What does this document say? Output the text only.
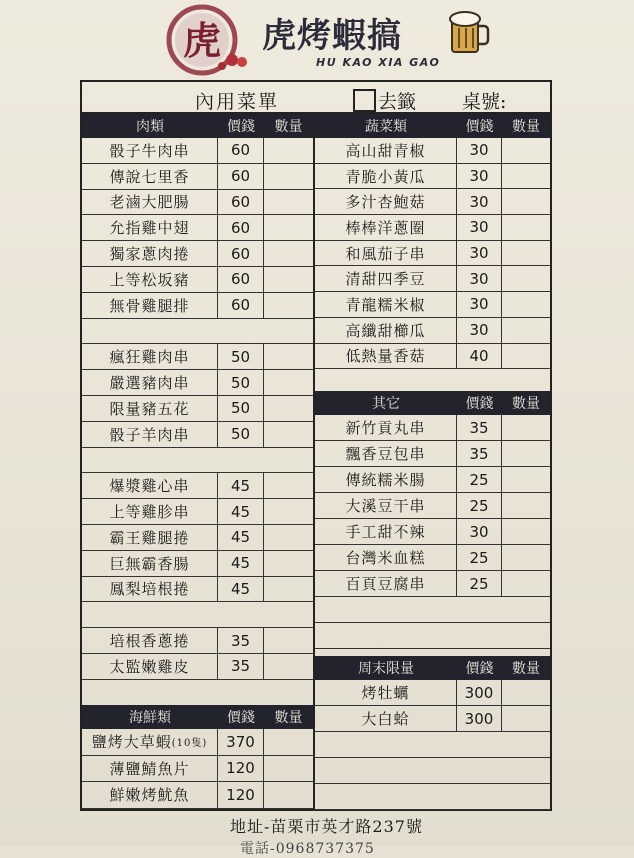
虎 虎烤蝦搞
HU KAO XIA GAO
內用菜單	去籤 桌號:
肉類	價錢	數量
骰子牛肉串	60
傳說七里香	60
老滷大肥腸	60
允指雞中翅	60
獨家蔥肉捲	60
上等松坂豬	60
無骨雞腿排	60
瘋狂雞肉串	50
嚴選豬肉串	50
限量豬五花	50
骰子羊肉串	50
爆漿雞心串	45
上等雞胗串	45
霸王雞腿捲	45
巨無霸香腸	45
鳳梨培根捲	45
培根香蔥捲	35
太監嫩雞皮	35
海鮮類	價錢	數量
鹽烤大草蝦 (10隻)	370
薄鹽鯖魚片	120
鮮嫩烤魷魚	120
蔬菜類	價錢	數量
高山甜青椒	30
青脆小黃瓜	30
多汁杏鮑菇	30
棒棒洋蔥圈	30
和風茄子串	30
清甜四季豆	30
青龍糯米椒	30
高纖甜櫛瓜	30
低熱量香菇	40
其它	價錢	數量
新竹貢丸串	35
飄香豆包串	35
傳統糯米腸	25
大溪豆干串	25
手工甜不辣	30
台灣米血糕	25
百頁豆腐串	25
周末限量	價錢	數量
烤牡蠣	300
大白蛤	300
地址-苗栗市英才路237號
電話-0968737375
